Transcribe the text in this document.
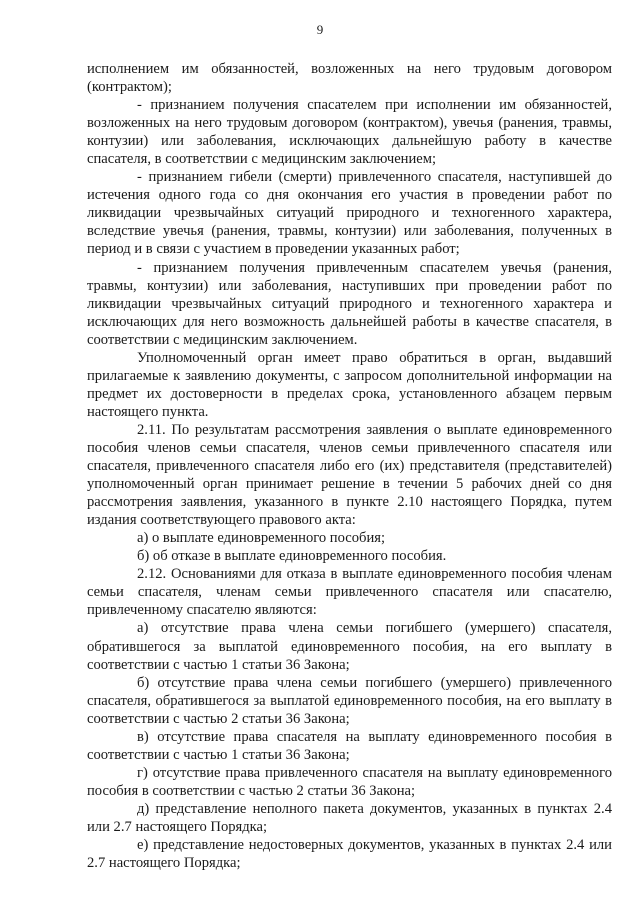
9

исполнением им обязанностей, возложенных на него трудовым договором (контрактом);

- признанием получения спасателем при исполнении им обязанностей, возложенных на него трудовым договором (контрактом), увечья (ранения, травмы, контузии) или заболевания, исключающих дальнейшую работу в качестве спасателя, в соответствии с медицинским заключением;

- признанием гибели (смерти) привлеченного спасателя, наступившей до истечения одного года со дня окончания его участия в проведении работ по ликвидации чрезвычайных ситуаций природного и техногенного характера, вследствие увечья (ранения, травмы, контузии) или заболевания, полученных в период и в связи с участием в проведении указанных работ;

- признанием получения привлеченным спасателем увечья (ранения, травмы, контузии) или заболевания, наступивших при проведении работ по ликвидации чрезвычайных ситуаций природного и техногенного характера и исключающих для него возможность дальнейшей работы в качестве спасателя, в соответствии с медицинским заключением.

Уполномоченный орган имеет право обратиться в орган, выдавший прилагаемые к заявлению документы, с запросом дополнительной информации на предмет их достоверности в пределах срока, установленного абзацем первым настоящего пункта.

2.11. По результатам рассмотрения заявления о выплате единовременного пособия членов семьи спасателя, членов семьи привлеченного спасателя или спасателя, привлеченного спасателя либо его (их) представителя (представителей) уполномоченный орган принимает решение в течении 5 рабочих дней со дня рассмотрения заявления, указанного в пункте 2.10 настоящего Порядка, путем издания соответствующего правового акта:

а) о выплате единовременного пособия;

б) об отказе в выплате единовременного пособия.

2.12. Основаниями для отказа в выплате единовременного пособия членам семьи спасателя, членам семьи привлеченного спасателя или спасателю, привлеченному спасателю являются:

а) отсутствие права члена семьи погибшего (умершего) спасателя, обратившегося за выплатой единовременного пособия, на его выплату в соответствии с частью 1 статьи 36 Закона;

б) отсутствие права члена семьи погибшего (умершего) привлеченного спасателя, обратившегося за выплатой единовременного пособия, на его выплату в соответствии с частью 2 статьи 36 Закона;

в) отсутствие права спасателя на выплату единовременного пособия в соответствии с частью 1 статьи 36 Закона;

г) отсутствие права привлеченного спасателя на выплату единовременного пособия в соответствии с частью 2 статьи 36 Закона;

д) представление неполного пакета документов, указанных в пунктах 2.4 или 2.7 настоящего Порядка;

е) представление недостоверных документов, указанных в пунктах 2.4 или 2.7 настоящего Порядка;
